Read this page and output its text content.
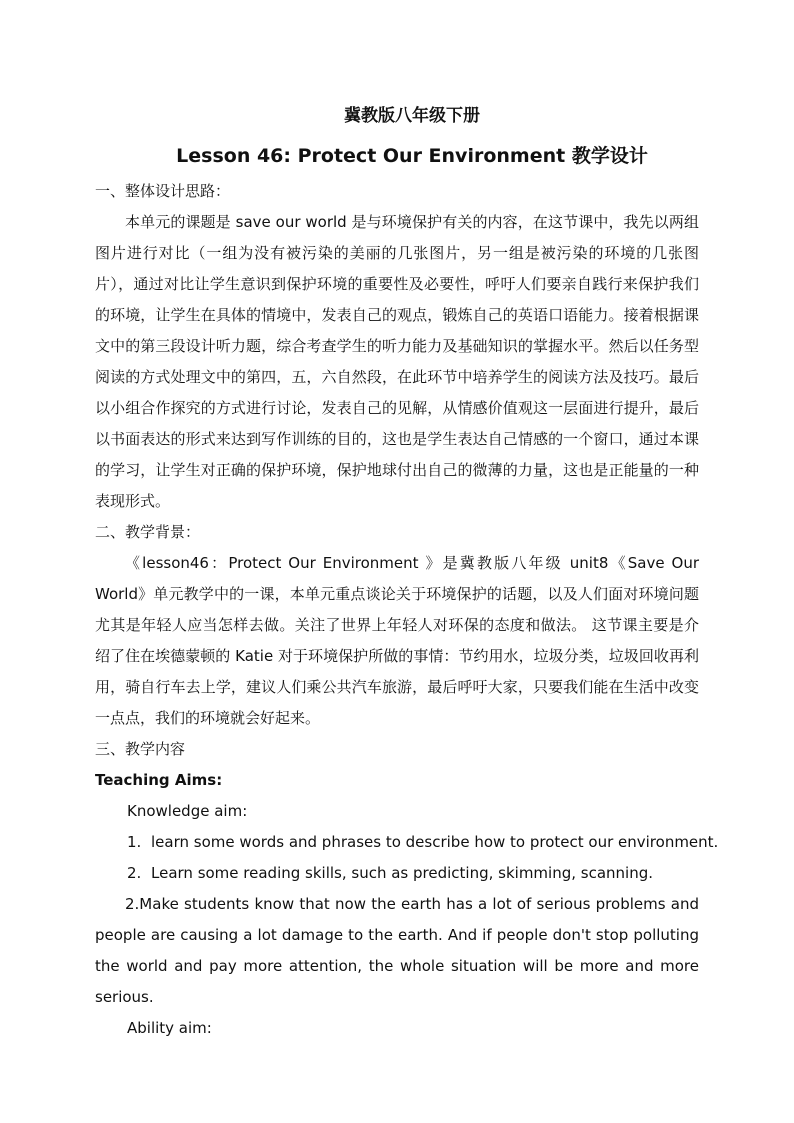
冀教版八年级下册
Lesson 46: Protect Our Environment 教学设计

一、整体设计思路：

本单元的课题是 save our world 是与环境保护有关的内容，在这节课中，我先以两组图片进行对比（一组为没有被污染的美丽的几张图片，另一组是被污染的环境的几张图片），通过对比让学生意识到保护环境的重要性及必要性，呼吁人们要亲自践行来保护我们的环境，让学生在具体的情境中，发表自己的观点，锻炼自己的英语口语能力。接着根据课文中的第三段设计听力题，综合考查学生的听力能力及基础知识的掌握水平。然后以任务型阅读的方式处理文中的第四，五，六自然段，在此环节中培养学生的阅读方法及技巧。最后以小组合作探究的方式进行讨论，发表自己的见解，从情感价值观这一层面进行提升，最后以书面表达的形式来达到写作训练的目的，这也是学生表达自己情感的一个窗口，通过本课的学习，让学生对正确的保护环境，保护地球付出自己的微薄的力量，这也是正能量的一种表现形式。

二、教学背景：

《lesson46：Protect Our Environment 》是冀教版八年级 unit8《Save Our World》单元教学中的一课，本单元重点谈论关于环境保护的话题，以及人们面对环境问题尤其是年轻人应当怎样去做。关注了世界上年轻人对环保的态度和做法。 这节课主要是介绍了住在埃德蒙顿的 Katie 对于环境保护所做的事情：节约用水，垃圾分类，垃圾回收再利用，骑自行车去上学，建议人们乘公共汽车旅游，最后呼吁大家，只要我们能在生活中改变一点点，我们的环境就会好起来。

三、教学内容

Teaching Aims:

Knowledge aim:

1. learn some words and phrases to describe how to protect our environment.

2. Learn some reading skills, such as predicting, skimming, scanning.

2.Make students know that now the earth has a lot of serious problems and people are causing a lot damage to the earth. And if people don't stop polluting the world and pay more attention, the whole situation will be more and more serious.

Ability aim:
